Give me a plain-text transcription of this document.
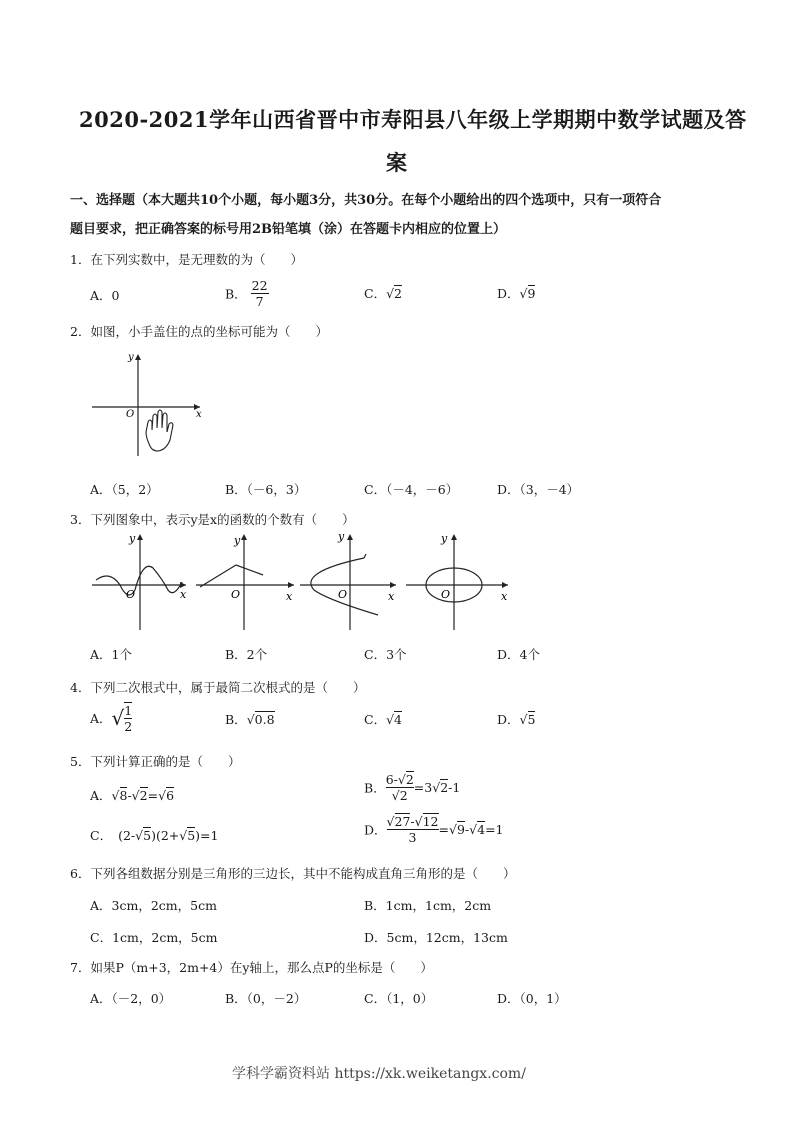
2020-2021学年山西省晋中市寿阳县八年级上学期期中数学试题及答
案
一、选择题（本大题共10个小题，每小题3分，共30分。在每个小题给出的四个选项中，只有一项符合
题目要求，把正确答案的标号用2B铅笔填（涂）在答题卡内相应的位置上）
1．在下列实数中，是无理数的为（　　）
A．0	B． $\frac{22}{7}$	C．√2	D．√9
2．如图，小手盖住的点的坐标可能为（　　）
y
x
O
A．（5，2）	B．（－6，3）	C．（－4，－6）	D．（3，－4）
3．下列图象中，表示y是x的函数的个数有（　　）
y
x
O
y
x
O
y
x
O
y
x
O
A．1个	B．2个	C．3个	D．4个
4．下列二次根式中，属于最简二次根式的是（　　）
A．√ $\frac{1}{2}$	B．√0.8	C．√4	D．√5
5．下列计算正确的是（　　）
A．√8-√2=√6	B． $\frac{6-√2}{√2} =3√2-1$
C． (2-√5)(2+√5)=1	D． $\frac{√27-√12}{3} =√9-√4=1$
6．下列各组数据分别是三角形的三边长，其中不能构成直角三角形的是（　　）
A．3cm，2cm，5cm	B．1cm，1cm，2cm
C．1cm，2cm，5cm	D．5cm，12cm，13cm
7．如果P（m+3，2m+4）在y轴上，那么点P的坐标是（　　）
A．（－2，0）	B．（0，－2）	C．（1，0）	D．（0，1）
学科学霸资料站 https://xk.weiketangx.com/
